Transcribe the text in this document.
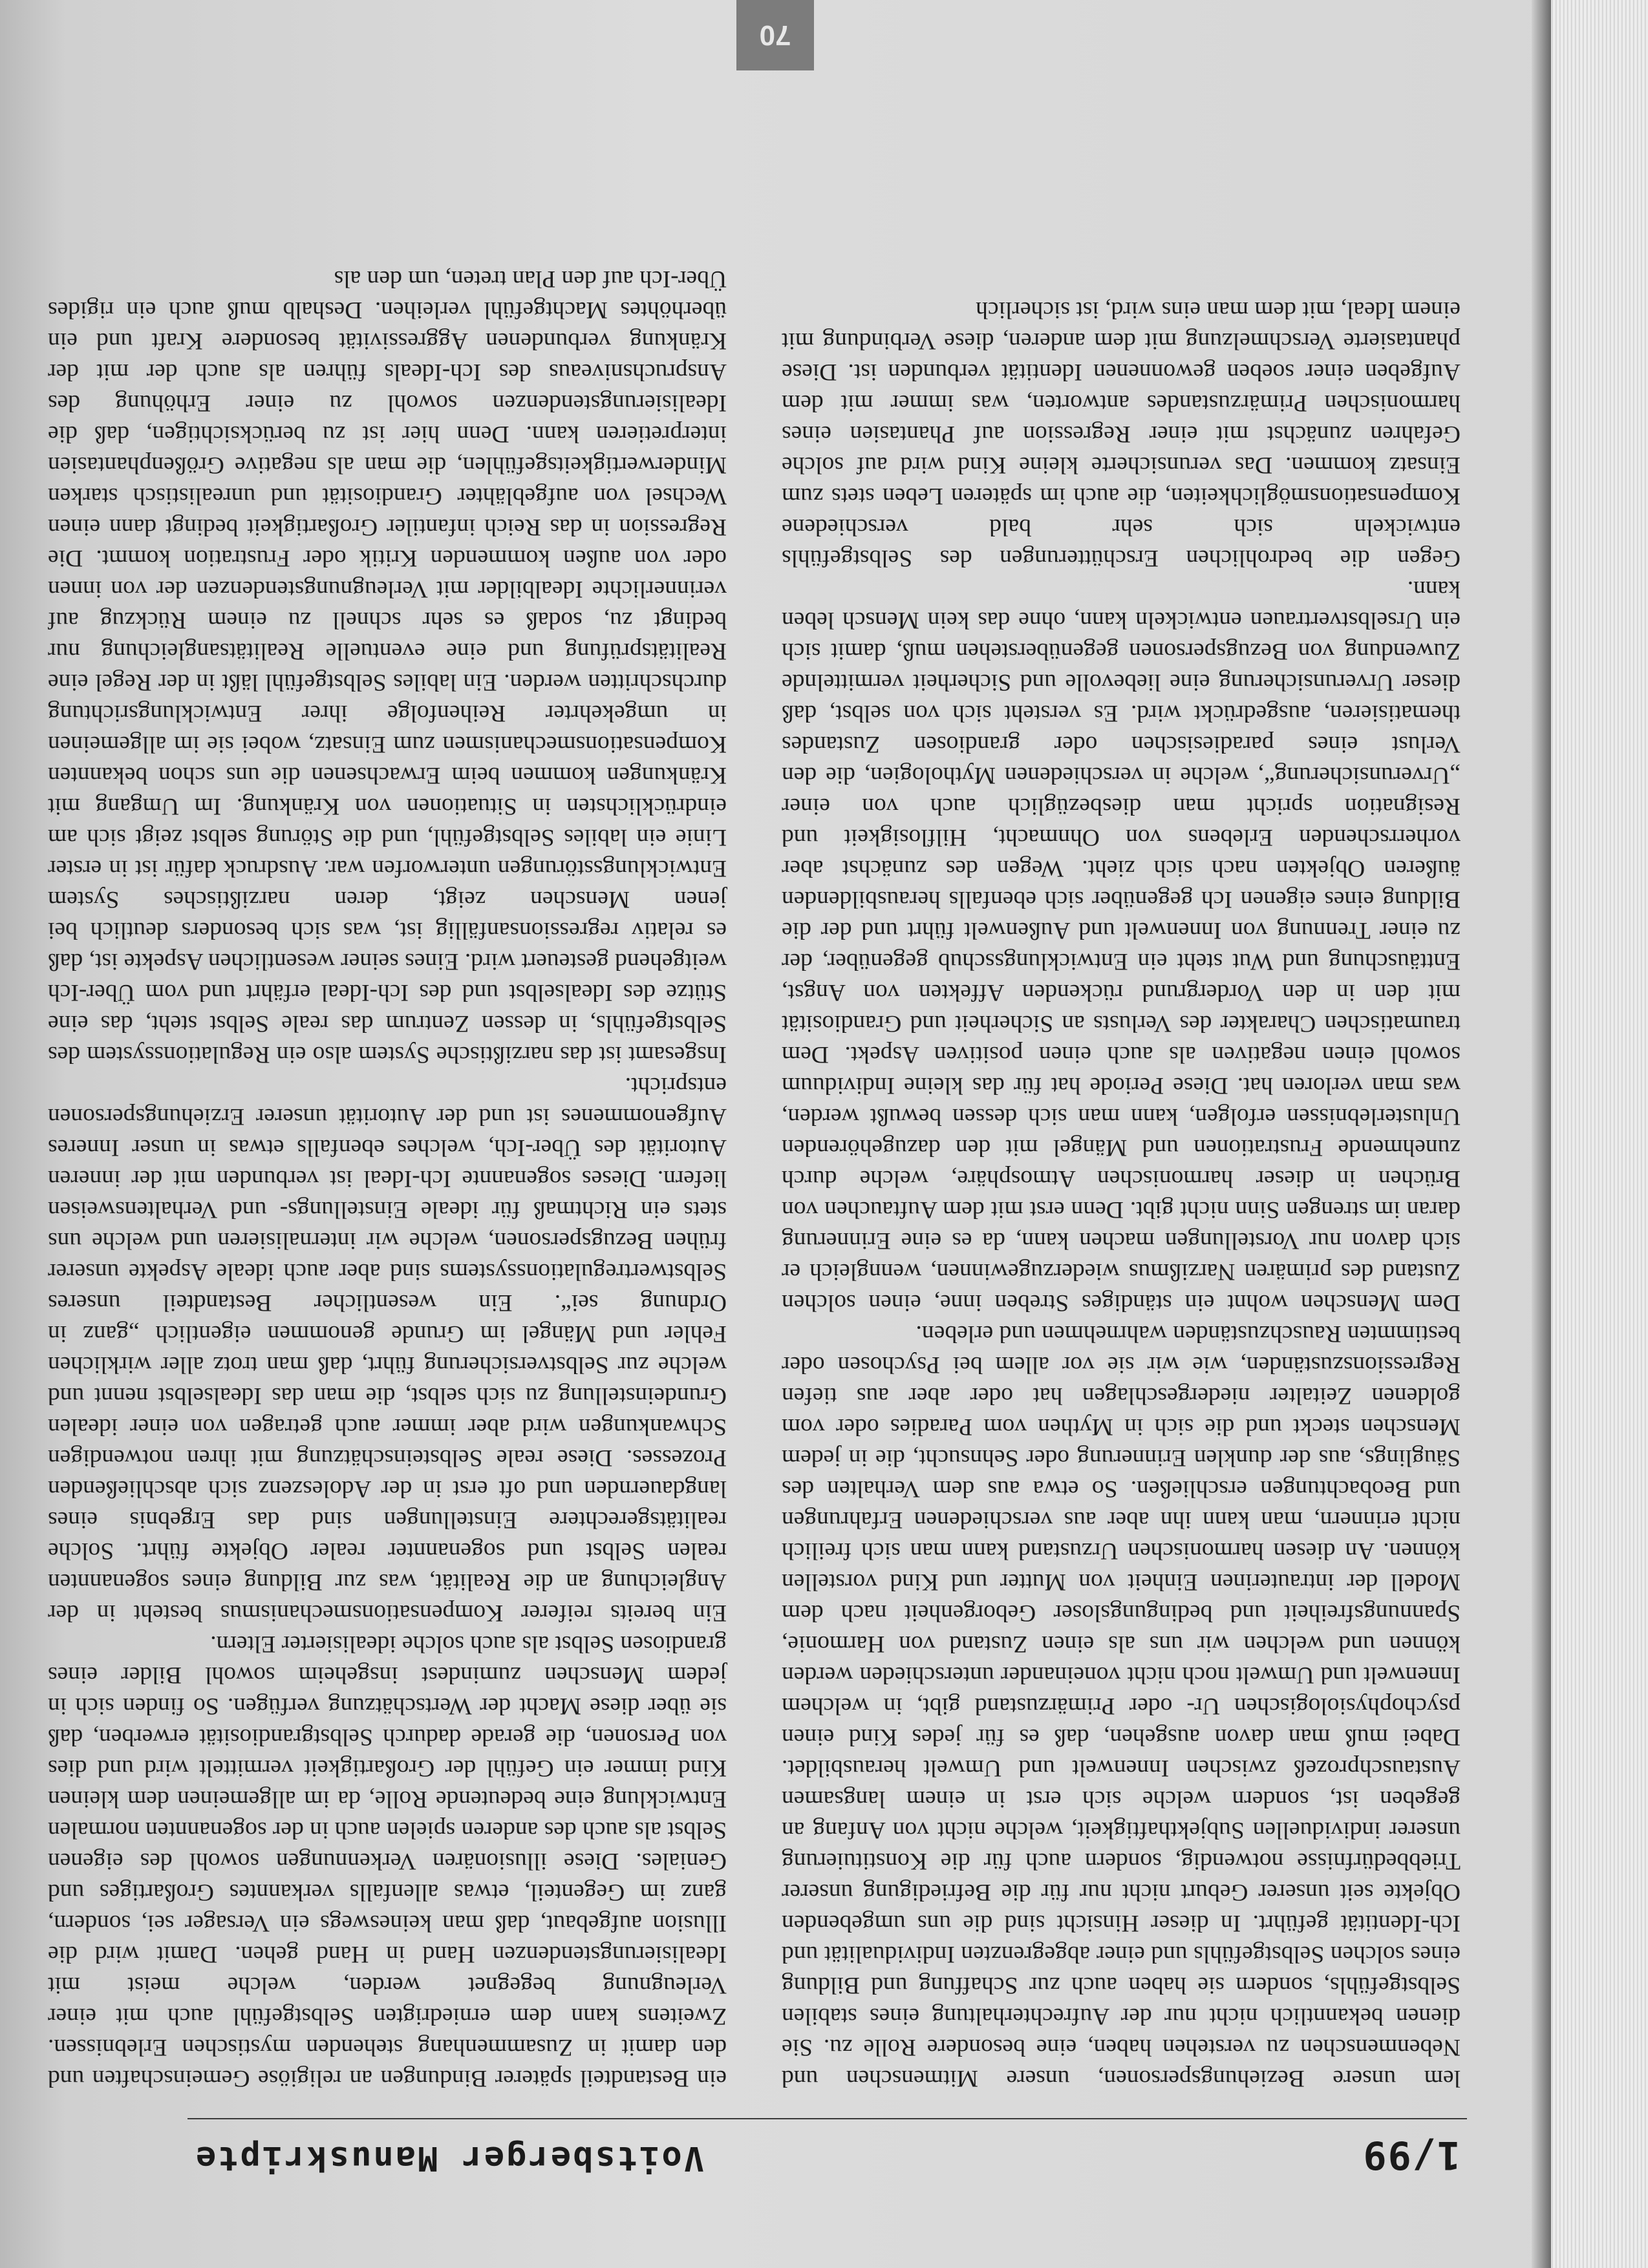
1/99
Voitsberger Manuskripte

lem unsere Beziehungspersonen, unsere Mitmenschen und Nebenmenschen zu verstehen haben, eine besondere Rolle zu. Sie dienen bekanntlich nicht nur der Aufrechterhaltung eines stabilen Selbstgefühls, sondern sie haben auch zur Schaffung und Bildung eines solchen Selbstgefühls und einer abgegrenzten Individualität und Ich-Identität geführt. In dieser Hinsicht sind die uns umgebenden Objekte seit unserer Geburt nicht nur für die Befriedigung unserer Triebbedürfnisse notwendig, sondern auch für die Konstituierung unserer individuellen Subjekthaftigkeit, welche nicht von Anfang an gegeben ist, sondern welche sich erst in einem langsamen Austauschprozeß zwischen Innenwelt und Umwelt herausbildet. Dabei muß man davon ausgehen, daß es für jedes Kind einen psychophysiologischen Ur- oder Primärzustand gibt, in welchem Innenwelt und Umwelt noch nicht voneinander unterschieden werden können und welchen wir uns als einen Zustand von Harmonie, Spannungsfreiheit und bedingungsloser Geborgenheit nach dem Modell der intrauterinen Einheit von Mutter und Kind vorstellen können. An diesen harmonischen Urzustand kann man sich freilich nicht erinnern, man kann ihn aber aus verschiedenen Erfahrungen und Beobachtungen erschließen. So etwa aus dem Verhalten des Säuglings, aus der dunklen Erinnerung oder Sehnsucht, die in jedem Menschen steckt und die sich in Mythen vom Paradies oder vom goldenen Zeitalter niedergeschlagen hat oder aber aus tiefen Regressionszuständen, wie wir sie vor allem bei Psychosen oder bestimmten Rauschzuständen wahrnehmen und erleben.

Dem Menschen wohnt ein ständiges Streben inne, einen solchen Zustand des primären Narzißmus wiederzugewinnen, wenngleich er sich davon nur Vorstellungen machen kann, da es eine Erinnerung daran im strengen Sinn nicht gibt. Denn erst mit dem Auftauchen von Brüchen in dieser harmonischen Atmosphäre, welche durch zunehmende Frustrationen und Mängel mit den dazugehörenden Unlusterlebnissen erfolgen, kann man sich dessen bewußt werden, was man verloren hat. Diese Periode hat für das kleine Individuum sowohl einen negativen als auch einen positiven Aspekt. Dem traumatischen Charakter des Verlusts an Sicherheit und Grandiosität mit den in den Vordergrund rückenden Affekten von Angst, Enttäuschung und Wut steht ein Entwicklungsschub gegenüber, der zu einer Trennung von Innenwelt und Außenwelt führt und der die Bildung eines eigenen Ich gegenüber sich ebenfalls herausbildenden äußeren Objekten nach sich zieht. Wegen des zunächst aber vorherrschenden Erlebens von Ohnmacht, Hilflosigkeit und Resignation spricht man diesbezüglich auch von einer „Urverunsicherung“, welche in verschiedenen Mythologien, die den Verlust eines paradiesischen oder grandiosen Zustandes thematisieren, ausgedrückt wird. Es versteht sich von selbst, daß dieser Urverunsicherung eine liebevolle und Sicherheit vermittelnde Zuwendung von Bezugspersonen gegenüberstehen muß, damit sich ein Urselbstvertrauen entwickeln kann, ohne das kein Mensch leben kann.

Gegen die bedrohlichen Erschütterungen des Selbstgefühls entwickeln sich sehr bald verschiedene Kompensationsmöglichkeiten, die auch im späteren Leben stets zum Einsatz kommen. Das verunsicherte kleine Kind wird auf solche Gefahren zunächst mit einer Regression auf Phantasien eines harmonischen Primärzustandes antworten, was immer mit dem Aufgeben einer soeben gewonnenen Identität verbunden ist. Diese phantasierte Verschmelzung mit dem anderen, diese Verbindung mit einem Ideal, mit dem man eins wird, ist sicherlich

ein Bestandteil späterer Bindungen an religiöse Gemeinschaften und den damit in Zusammenhang stehenden mystischen Erlebnissen. Zweitens kann dem erniedrigten Selbstgefühl auch mit einer Verleugnung begegnet werden, welche meist mit Idealisierungstendenzen Hand in Hand gehen. Damit wird die Illusion aufgebaut, daß man keineswegs ein Versager sei, sondern, ganz im Gegenteil, etwas allenfalls verkanntes Großartiges und Geniales. Diese illusionären Verkennungen sowohl des eigenen Selbst als auch des anderen spielen auch in der sogenannten normalen Entwicklung eine bedeutende Rolle, da im allgemeinen dem kleinen Kind immer ein Gefühl der Großartigkeit vermittelt wird und dies von Personen, die gerade dadurch Selbstgrandiosität erwerben, daß sie über diese Macht der Wertschätzung verfügen. So finden sich in jedem Menschen zumindest insgeheim sowohl Bilder eines grandiosen Selbst als auch solche idealisierter Eltern.

Ein bereits reiferer Kompensationsmechanismus besteht in der Angleichung an die Realität, was zur Bildung eines sogenannten realen Selbst und sogenannter realer Objekte führt. Solche realitätsgerechtere Einstellungen sind das Ergebnis eines langdauernden und oft erst in der Adoleszenz sich abschließenden Prozesses. Diese reale Selbsteinschätzung mit ihren notwendigen Schwankungen wird aber immer auch getragen von einer idealen Grundeinstellung zu sich selbst, die man das Idealselbst nennt und welche zur Selbstversicherung führt, daß man trotz aller wirklichen Fehler und Mängel im Grunde genommen eigentlich „ganz in Ordnung sei“. Ein wesentlicher Bestandteil unseres Selbstwertregulationssystems sind aber auch ideale Aspekte unserer frühen Bezugspersonen, welche wir internalisieren und welche uns stets ein Richtmaß für ideale Einstellungs- und Verhaltensweisen liefern. Dieses sogenannte Ich-Ideal ist verbunden mit der inneren Autorität des Über-Ich, welches ebenfalls etwas in unser Inneres Aufgenommenes ist und der Autorität unserer Erziehungspersonen entspricht.

Insgesamt ist das narzißtische System also ein Regulationssystem des Selbstgefühls, in dessen Zentrum das reale Selbst steht, das eine Stütze des Idealselbst und des Ich-Ideal erfährt und vom Über-Ich weitgehend gesteuert wird. Eines seiner wesentlichen Aspekte ist, daß es relativ regressionsanfällig ist, was sich besonders deutlich bei jenen Menschen zeigt, deren narzißtisches System Entwicklungsstörungen unterworfen war. Ausdruck dafür ist in erster Linie ein labiles Selbstgefühl, und die Störung selbst zeigt sich am eindrücklichsten in Situationen von Kränkung. Im Umgang mit Kränkungen kommen beim Erwachsenen die uns schon bekannten Kompensationsmechanismen zum Einsatz, wobei sie im allgemeinen in umgekehrter Reihenfolge ihrer Entwicklungsrichtung durchschritten werden. Ein labiles Selbstgefühl läßt in der Regel eine Realitätsprüfung und eine eventuelle Realitätsangleichung nur bedingt zu, sodaß es sehr schnell zu einem Rückzug auf verinnerlichte Idealbilder mit Verleugnungstendenzen der von innen oder von außen kommenden Kritik oder Frustration kommt. Die Regression in das Reich infantiler Großartigkeit bedingt dann einen Wechsel von aufgeblähter Grandiosität und unrealistisch starken Minderwertigkeitsgefühlen, die man als negative Größenphantasien interpretieren kann. Denn hier ist zu berücksichtigen, daß die Idealisierungstendenzen sowohl zu einer Erhöhung des Anspruchsniveaus des Ich-Ideals führen als auch der mit der Kränkung verbundenen Aggressivität besondere Kraft und ein überhöhtes Machtgefühl verleihen. Deshalb muß auch ein rigides Über-Ich auf den Plan treten, um den als

70
